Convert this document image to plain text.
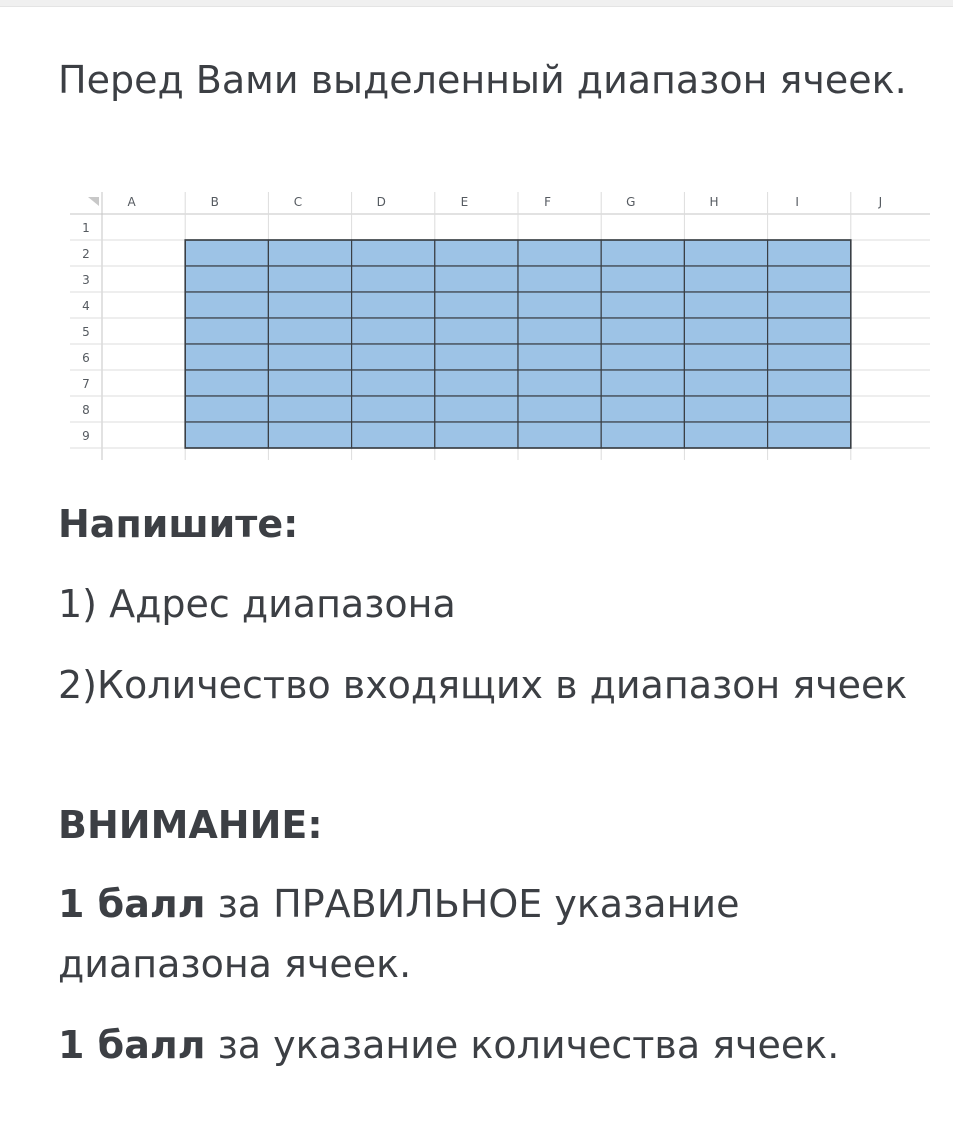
Перед Вами выделенный диапазон ячеек.

A	B	C	D	E	F	G	H	I	J
1
2
3
4
5
6
7
8
9

Напишите:

1) Адрес диапазона

2)Количество входящих в диапазон ячеек

ВНИМАНИЕ:

1 балл за ПРАВИЛЬНОЕ указание диапазона ячеек.

1 балл за указание количества ячеек.
